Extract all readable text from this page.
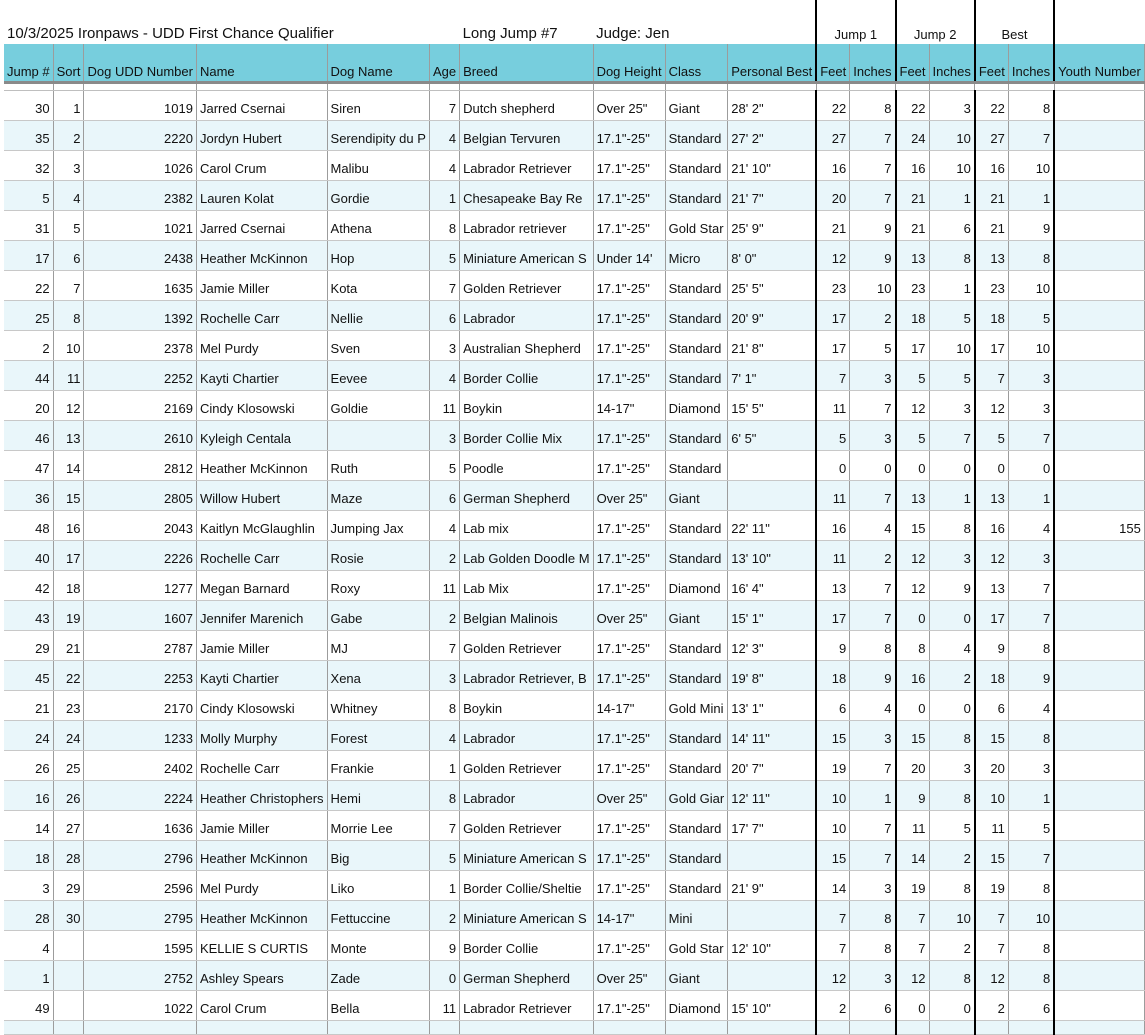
10/3/2025 Ironpaws - UDD First Chance Qualifier						Long Jump #7	Judge: Jen			Jump 1		Jump 2		Best		
Jump #	Sort	Dog UDD Number	Name	Dog Name	Age	Breed	Dog Height	Class	Personal Best	Feet	Inches	Feet	Inches	Feet	Inches	Youth Number

30	1	1019	Jarred Csernai	Siren	7	Dutch shepherd	Over 25"	Giant	28' 2"	22	8	22	3	22	8	
35	2	2220	Jordyn Hubert	Serendipity du P	4	Belgian Tervuren	17.1"-25"	Standard	27' 2"	27	7	24	10	27	7	
32	3	1026	Carol Crum	Malibu	4	Labrador Retriever	17.1"-25"	Standard	21' 10"	16	7	16	10	16	10	
5	4	2382	Lauren Kolat	Gordie	1	Chesapeake Bay Re	17.1"-25"	Standard	21' 7"	20	7	21	1	21	1	
31	5	1021	Jarred Csernai	Athena	8	Labrador retriever	17.1"-25"	Gold Star	25' 9"	21	9	21	6	21	9	
17	6	2438	Heather McKinnon	Hop	5	Miniature American S	Under 14'	Micro	8' 0"	12	9	13	8	13	8	
22	7	1635	Jamie Miller	Kota	7	Golden Retriever	17.1"-25"	Standard	25' 5"	23	10	23	1	23	10	
25	8	1392	Rochelle Carr	Nellie	6	Labrador	17.1"-25"	Standard	20' 9"	17	2	18	5	18	5	
2	10	2378	Mel Purdy	Sven	3	Australian Shepherd	17.1"-25"	Standard	21' 8"	17	5	17	10	17	10	
44	11	2252	Kayti Chartier	Eevee	4	Border Collie	17.1"-25"	Standard	7' 1"	7	3	5	5	7	3	
20	12	2169	Cindy Klosowski	Goldie	11	Boykin	14-17"	Diamond	15' 5"	11	7	12	3	12	3	
46	13	2610	Kyleigh Centala		3	Border Collie Mix	17.1"-25"	Standard	6' 5"	5	3	5	7	5	7	
47	14	2812	Heather McKinnon	Ruth	5	Poodle	17.1"-25"	Standard		0	0	0	0	0	0	
36	15	2805	Willow Hubert	Maze	6	German Shepherd	Over 25"	Giant		11	7	13	1	13	1	
48	16	2043	Kaitlyn McGlaughlin	Jumping Jax	4	Lab mix	17.1"-25"	Standard	22' 11"	16	4	15	8	16	4	155
40	17	2226	Rochelle Carr	Rosie	2	Lab Golden Doodle M	17.1"-25"	Standard	13' 10"	11	2	12	3	12	3	
42	18	1277	Megan Barnard	Roxy	11	Lab Mix	17.1"-25"	Diamond	16' 4"	13	7	12	9	13	7	
43	19	1607	Jennifer Marenich	Gabe	2	Belgian Malinois	Over 25"	Giant	15' 1"	17	7	0	0	17	7	
29	21	2787	Jamie Miller	MJ	7	Golden Retriever	17.1"-25"	Standard	12' 3"	9	8	8	4	9	8	
45	22	2253	Kayti Chartier	Xena	3	Labrador Retriever, B	17.1"-25"	Standard	19' 8"	18	9	16	2	18	9	
21	23	2170	Cindy Klosowski	Whitney	8	Boykin	14-17"	Gold Mini	13' 1"	6	4	0	0	6	4	
24	24	1233	Molly Murphy	Forest	4	Labrador	17.1"-25"	Standard	14' 11"	15	3	15	8	15	8	
26	25	2402	Rochelle Carr	Frankie	1	Golden Retriever	17.1"-25"	Standard	20' 7"	19	7	20	3	20	3	
16	26	2224	Heather Christophers	Hemi	8	Labrador	Over 25"	Gold Giar	12' 11"	10	1	9	8	10	1	
14	27	1636	Jamie Miller	Morrie Lee	7	Golden Retriever	17.1"-25"	Standard	17' 7"	10	7	11	5	11	5	
18	28	2796	Heather McKinnon	Big	5	Miniature American S	17.1"-25"	Standard		15	7	14	2	15	7	
3	29	2596	Mel Purdy	Liko	1	Border Collie/Sheltie	17.1"-25"	Standard	21' 9"	14	3	19	8	19	8	
28	30	2795	Heather McKinnon	Fettuccine	2	Miniature American S	14-17"	Mini		7	8	7	10	7	10	
4		1595	KELLIE S CURTIS	Monte	9	Border Collie	17.1"-25"	Gold Star	12' 10"	7	8	7	2	7	8	
1		2752	Ashley Spears	Zade	0	German Shepherd	Over 25"	Giant		12	3	12	8	12	8	
49		1022	Carol Crum	Bella	11	Labrador Retriever	17.1"-25"	Diamond	15' 10"	2	6	0	0	2	6	
